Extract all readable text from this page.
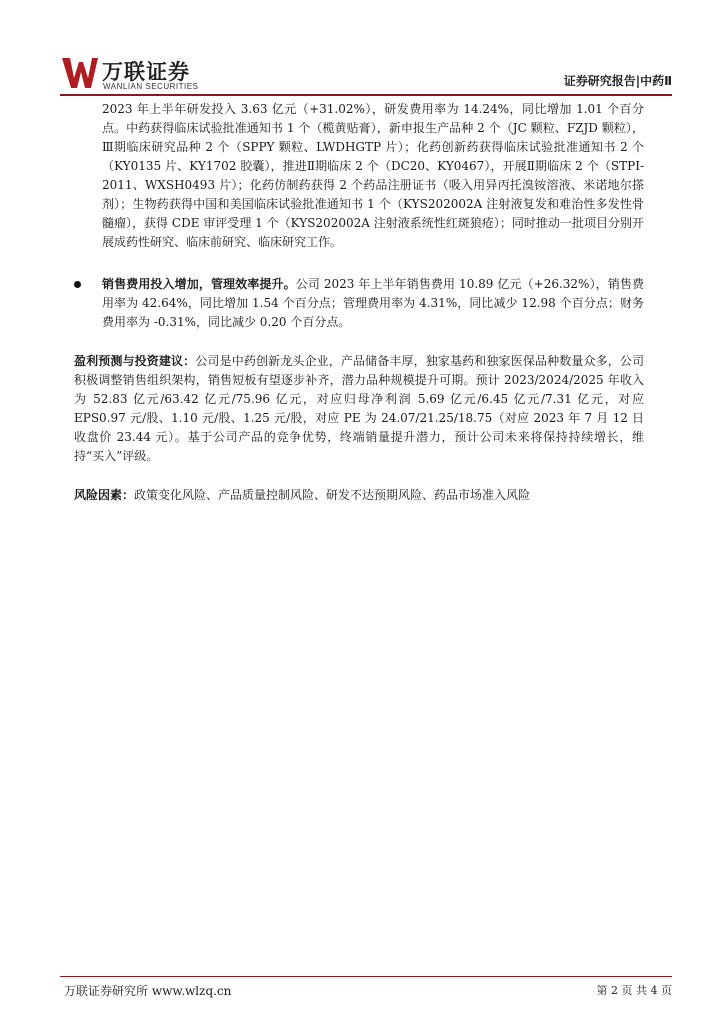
万联证券
WANLIAN SECURITIES	证券研究报告|中药Ⅱ

2023 年上半年研发投入 3.63 亿元（+31.02%），研发费用率为 14.24%，同比增加 1.01 个百分点。中药获得临床试验批准通知书 1 个（榄黄贴膏），新申报生产品种 2 个（JC 颗粒、FZJD 颗粒），Ⅲ期临床研究品种 2 个（SPPY 颗粒、LWDHGTP 片）；化药创新药获得临床试验批准通知书 2 个（KY0135 片、KY1702 胶囊），推进Ⅱ期临床 2 个（DC20、KY0467），开展Ⅱ期临床 2 个（STPI-2011、WXSH0493 片）；化药仿制药获得 2 个药品注册证书（吸入用异丙托溴铵溶液、米诺地尔搽剂）；生物药获得中国和美国临床试验批准通知书 1 个（KYS202002A 注射液复发和难治性多发性骨髓瘤），获得 CDE 审评受理 1 个（KYS202002A 注射液系统性红斑狼疮）；同时推动一批项目分别开展成药性研究、临床前研究、临床研究工作。

销售费用投入增加，管理效率提升。公司 2023 年上半年销售费用 10.89 亿元（+26.32%），销售费用率为 42.64%，同比增加 1.54 个百分点；管理费用率为 4.31%，同比减少 12.98 个百分点；财务费用率为 -0.31%，同比减少 0.20 个百分点。

盈利预测与投资建议：公司是中药创新龙头企业，产品储备丰厚，独家基药和独家医保品种数量众多，公司积极调整销售组织架构，销售短板有望逐步补齐，潜力品种规模提升可期。预计 2023/2024/2025 年收入为 52.83 亿元/63.42 亿元/75.96 亿元，对应归母净利润 5.69 亿元/6.45 亿元/7.31 亿元，对应 EPS0.97 元/股、1.10 元/股、1.25 元/股，对应 PE 为 24.07/21.25/18.75（对应 2023 年 7 月 12 日收盘价 23.44 元）。基于公司产品的竞争优势，终端销量提升潜力，预计公司未来将保持持续增长，维持“买入”评级。

风险因素：政策变化风险、产品质量控制风险、研发不达预期风险、药品市场准入风险

万联证券研究所 www.wlzq.cn	第 2 页 共 4 页
